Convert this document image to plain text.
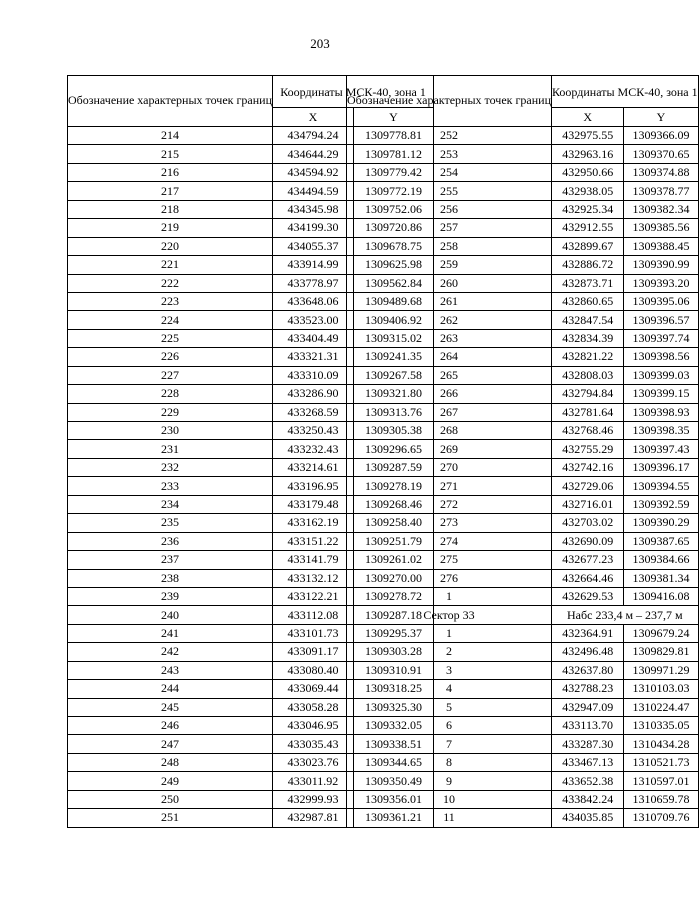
203
Обозначение характерных точек границ	Координаты МСК-40, зона 1	
	X	Y
214	434794.24	1309778.81
215	434644.29	1309781.12
216	434594.92	1309779.42
217	434494.59	1309772.19
218	434345.98	1309752.06
219	434199.30	1309720.86
220	434055.37	1309678.75
221	433914.99	1309625.98
222	433778.97	1309562.84
223	433648.06	1309489.68
224	433523.00	1309406.92
225	433404.49	1309315.02
226	433321.31	1309241.35
227	433310.09	1309267.58
228	433286.90	1309321.80
229	433268.59	1309313.76
230	433250.43	1309305.38
231	433232.43	1309296.65
232	433214.61	1309287.59
233	433196.95	1309278.19
234	433179.48	1309268.46
235	433162.19	1309258.40
236	433151.22	1309251.79
237	433141.79	1309261.02
238	433132.12	1309270.00
239	433122.21	1309278.72
240	433112.08	1309287.18
241	433101.73	1309295.37
242	433091.17	1309303.28
243	433080.40	1309310.91
244	433069.44	1309318.25
245	433058.28	1309325.30
246	433046.95	1309332.05
247	433035.43	1309338.51
248	433023.76	1309344.65
249	433011.92	1309350.49
250	432999.93	1309356.01
251	432987.81	1309361.21
Обозначение характерных точек границ	Координаты МСК-40, зона 1	
	X	Y
252	432975.55	1309366.09
253	432963.16	1309370.65
254	432950.66	1309374.88
255	432938.05	1309378.77
256	432925.34	1309382.34
257	432912.55	1309385.56
258	432899.67	1309388.45
259	432886.72	1309390.99
260	432873.71	1309393.20
261	432860.65	1309395.06
262	432847.54	1309396.57
263	432834.39	1309397.74
264	432821.22	1309398.56
265	432808.03	1309399.03
266	432794.84	1309399.15
267	432781.64	1309398.93
268	432768.46	1309398.35
269	432755.29	1309397.43
270	432742.16	1309396.17
271	432729.06	1309394.55
272	432716.01	1309392.59
273	432703.02	1309390.29
274	432690.09	1309387.65
275	432677.23	1309384.66
276	432664.46	1309381.34
1	432629.53	1309416.08
Сектор 33	Набс 233,4 м – 237,7 м	
1	432364.91	1309679.24
2	432496.48	1309829.81
3	432637.80	1309971.29
4	432788.23	1310103.03
5	432947.09	1310224.47
6	433113.70	1310335.05
7	433287.30	1310434.28
8	433467.13	1310521.73
9	433652.38	1310597.01
10	433842.24	1310659.78
11	434035.85	1310709.76
